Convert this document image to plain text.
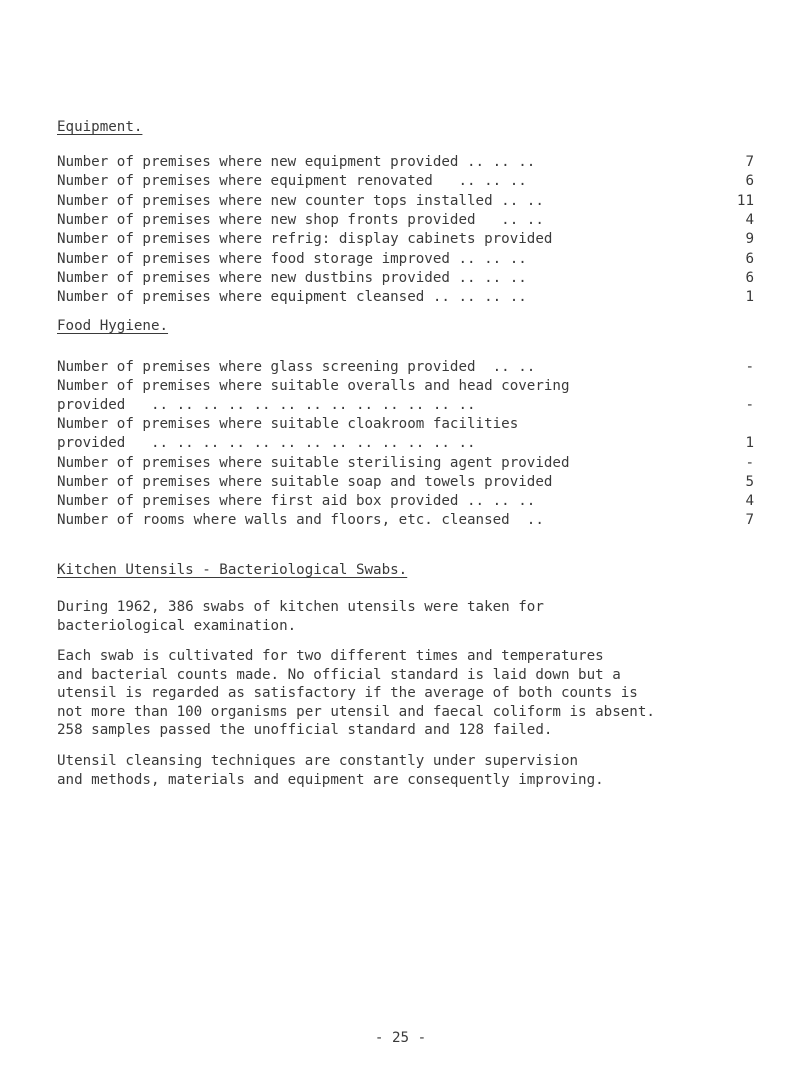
Equipment.
Number of premises where new equipment provided .. .. ..	7
Number of premises where equipment renovated   .. .. ..	6
Number of premises where new counter tops installed .. ..	11
Number of premises where new shop fronts provided   .. ..	4
Number of premises where refrig: display cabinets provided	9
Number of premises where food storage improved .. .. ..	6
Number of premises where new dustbins provided .. .. ..	6
Number of premises where equipment cleansed .. .. .. ..	1
Food Hygiene.
Number of premises where glass screening provided  .. ..	-
Number of premises where suitable overalls and head covering
provided   .. .. .. .. .. .. .. .. .. .. .. .. ..	-
Number of premises where suitable cloakroom facilities
provided   .. .. .. .. .. .. .. .. .. .. .. .. ..	1
Number of premises where suitable sterilising agent provided	-
Number of premises where suitable soap and towels provided	5
Number of premises where first aid box provided .. .. ..	4
Number of rooms where walls and floors, etc. cleansed  ..	7
Kitchen Utensils - Bacteriological Swabs.
During 1962, 386 swabs of kitchen utensils were taken for
bacteriological examination.
Each swab is cultivated for two different times and temperatures
and bacterial counts made. No official standard is laid down but a
utensil is regarded as satisfactory if the average of both counts is
not more than 100 organisms per utensil and faecal coliform is absent.
258 samples passed the unofficial standard and 128 failed.
Utensil cleansing techniques are constantly under supervision
and methods, materials and equipment are consequently improving.

- 25 -
